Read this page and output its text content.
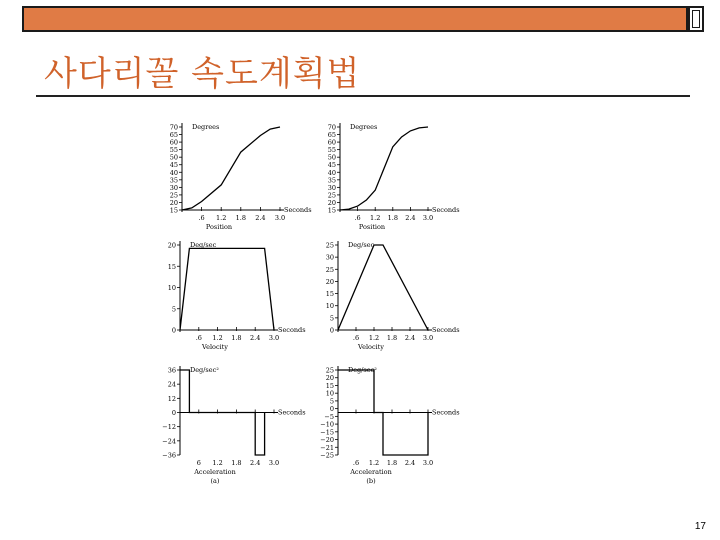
사다리꼴 속도계획법
70
65
60
55
50
45
40
35
30
25
20
15
.6 1.2 1.8 2.4 3.0
Degrees
Seconds
Position
70
65
60
55
50
45
40
35
30
25
20
15
.6 1.2 1.8 2.4 3.0
Degrees
Seconds
Position
20
15
10
5
0
.6 1.2 1.8 2.4 3.0
Deg/sec
Seconds
Velocity
25
30
25
20
15
10
5
0
.6 1.2 1.8 2.4 3.0
Deg/sec
Seconds
Velocity
36
24
12
0
−12
−24
−36
6 1.2 1.8 2.4 3.0
Deg/sec²
Seconds
Acceleration
(a)
25
20
15
10
5
0
−5
−10
−15
−20
−21
−25
.6 1.2 1.8 2.4 3.0
Deg/sec²
Seconds
Acceleration
(b)
17
